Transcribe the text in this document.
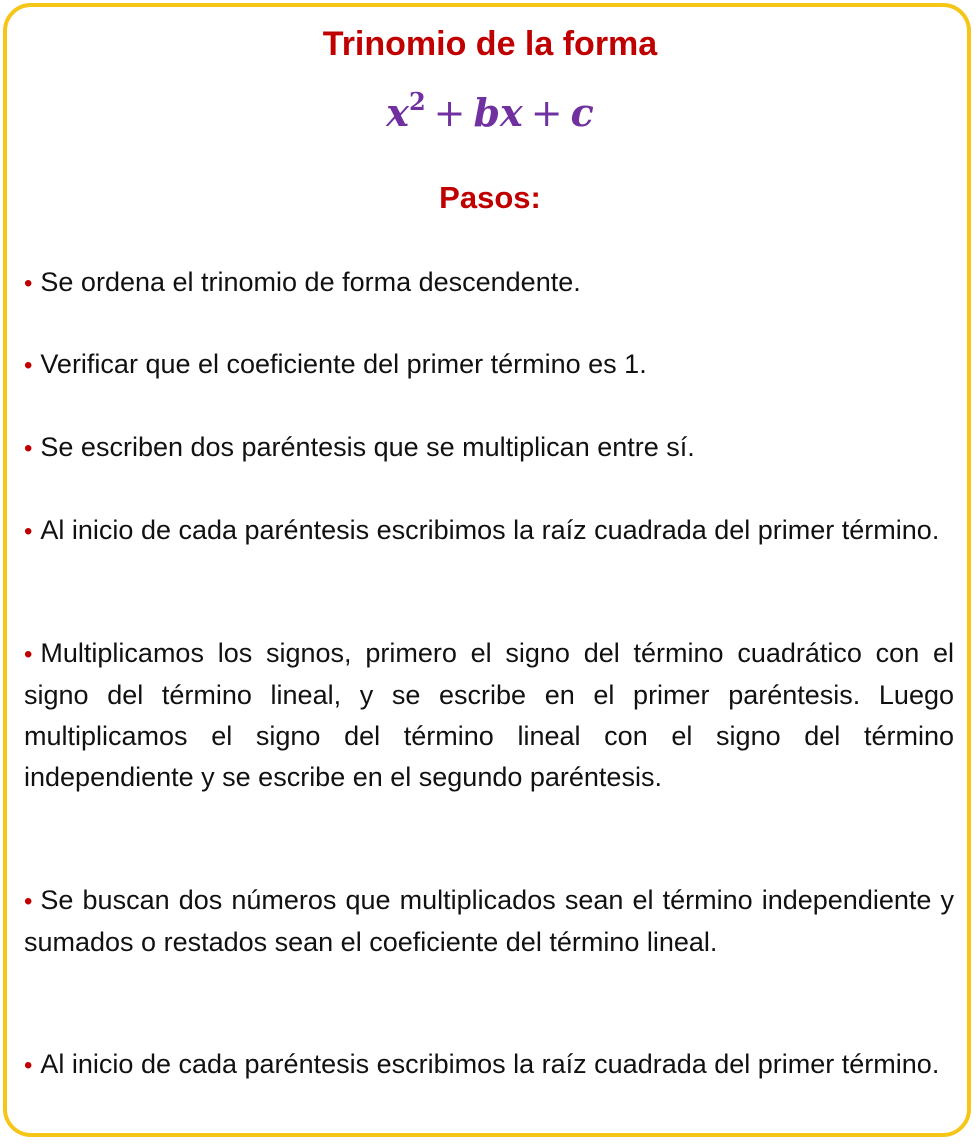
Trinomio de la forma
$x^2$ + bx + c
Pasos:

• Se ordena el trinomio de forma descendente.

• Verificar que el coeficiente del primer término es 1.

• Se escriben dos paréntesis que se multiplican entre sí.

• Al inicio de cada paréntesis escribimos la raíz cuadrada del primer término.

• Multiplicamos los signos, primero el signo del término cuadrático con el signo del término lineal, y se escribe en el primer paréntesis. Luego multiplicamos el signo del término lineal con el signo del término independiente y se escribe en el segundo paréntesis.

• Se buscan dos números que multiplicados sean el término independiente y sumados o restados sean el coeficiente del término lineal.

• Al inicio de cada paréntesis escribimos la raíz cuadrada del primer término.
